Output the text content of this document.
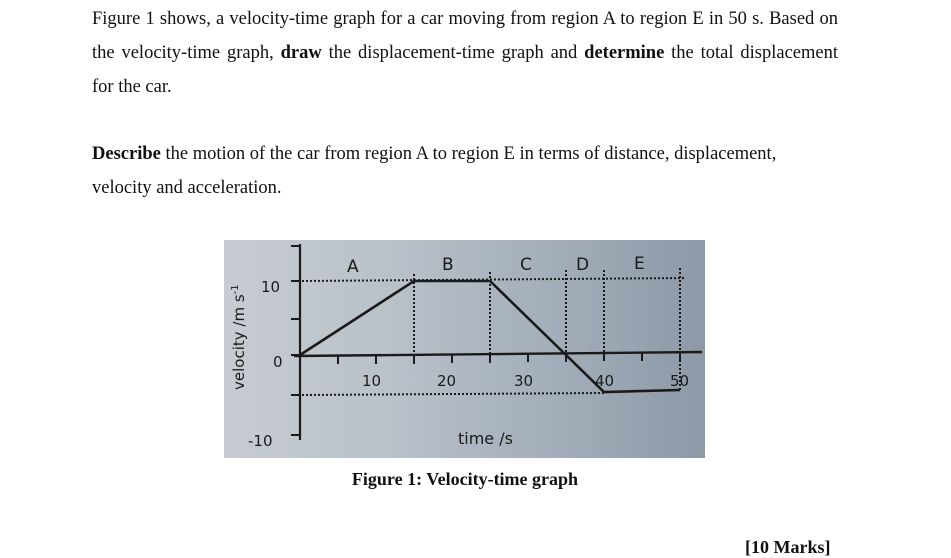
Figure 1 shows, a velocity-time graph for a car moving from region A to region E in 50 s. Based on the velocity-time graph, draw the displacement-time graph and determine the total displacement for the car.
Describe the motion of the car from region A to region E in terms of distance, displacement, velocity and acceleration.
10
0
-10
10	20	30	40	50
A	B	C	D	E
time /s
velocity /m $s^{-1}$
Figure 1: Velocity-time graph
[10 Marks]
